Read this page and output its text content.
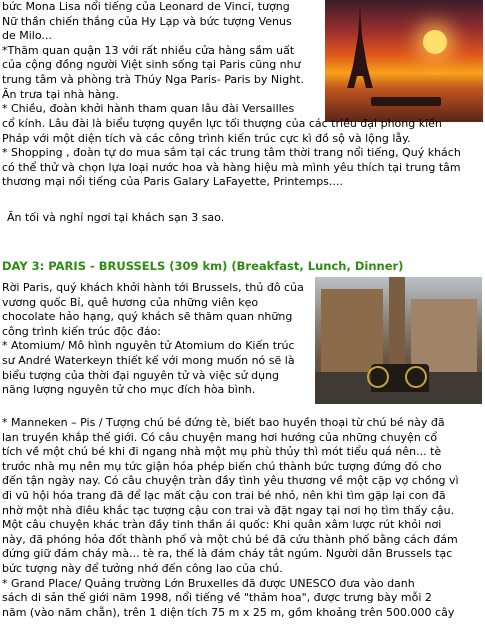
bức Mona Lisa nổi tiếng của Leonard de Vinci, tượng

Nữ thần chiến thắng của Hy Lạp và bức tượng Venus

de Milo...

*Thăm quan quận 13 với rất nhiều cửa hàng sầm uất

của cộng đồng người Việt sinh sống tại Paris cũng như

trung tâm và phòng trà Thúy Nga Paris- Paris by Night.

Ăn trưa tại nhà hàng.

* Chiều, đoàn khởi hành tham quan lâu đài Versailles

cổ kính. Lâu đài là biểu tượng quyền lực tối thượng của các triều đại phong kiến

Pháp với một diện tích và các công trình kiến trúc cực kì đồ sộ và lộng lẫy.

* Shopping , đoàn tự do mua sắm tại các trung tâm thời trang nổi tiếng, Quý khách

có thể thử và chọn lựa loại nước hoa và hàng hiệu mà mình yêu thích tại trung tâm

thương mại nổi tiếng của Paris Galary LaFayette, Printemps....

Ăn tối và nghỉ ngơi tại khách sạn 3 sao.

DAY 3: PARIS - BRUSSELS (309 km) (Breakfast, Lunch, Dinner)

Rời Paris, quý khách khởi hành tới Brussels, thủ đô của

vương quốc Bỉ, quê hương của những viên kẹo

chocolate hảo hạng, quý khách sẽ thăm quan những

công trình kiến trúc độc đáo:

* Atomium/ Mô hình nguyên tử Atomium do Kiến trúc

sư André Waterkeyn thiết kế với mong muốn nó sẽ là

biểu tượng của thời đại nguyên tử và việc sử dụng

năng lượng nguyên tử cho mục đích hòa bình.

* Manneken – Pis / Tượng chú bé đứng tè, biết bao huyền thoại từ chú bé này đã

lan truyền khắp thế giới. Có câu chuyện mang hơi hướng của những chuyện cổ

tích về một chú bé khi đi ngang nhà một mụ phù thủy thì mót tiểu quá nên... tè

trước nhà mụ nên mụ tức giận hóa phép biến chú thành bức tượng đứng đó cho

đến tận ngày nay. Có câu chuyện tràn đầy tình yêu thương về một cặp vợ chồng vì

đi vũ hội hóa trang đã để lạc mất cậu con trai bé nhỏ, nên khi tìm gặp lại con đã

nhờ một nhà điêu khắc tạc tượng cậu con trai và đặt ngay tại nơi họ tìm thấy cậu.

Một câu chuyện khác tràn đầy tinh thần ái quốc: Khi quân xâm lược rút khỏi nơi

này, đã phóng hỏa đốt thành phố và một chú bé đã cứu thành phố bằng cách đám

đứng giữ đám cháy mà... tè ra, thế là đám cháy tắt ngúm. Người dân Brussels tạc

bức tượng này để tưởng nhớ đến công lao của chú.

* Grand Place/ Quảng trường Lớn Bruxelles đã được UNESCO đưa vào danh

sách di sản thế giới năm 1998, nổi tiếng về "thảm hoa", được trưng bày mỗi 2

năm (vào năm chẵn), trên 1 diện tích 75 m x 25 m, gồm khoảng trên 500.000 cây
